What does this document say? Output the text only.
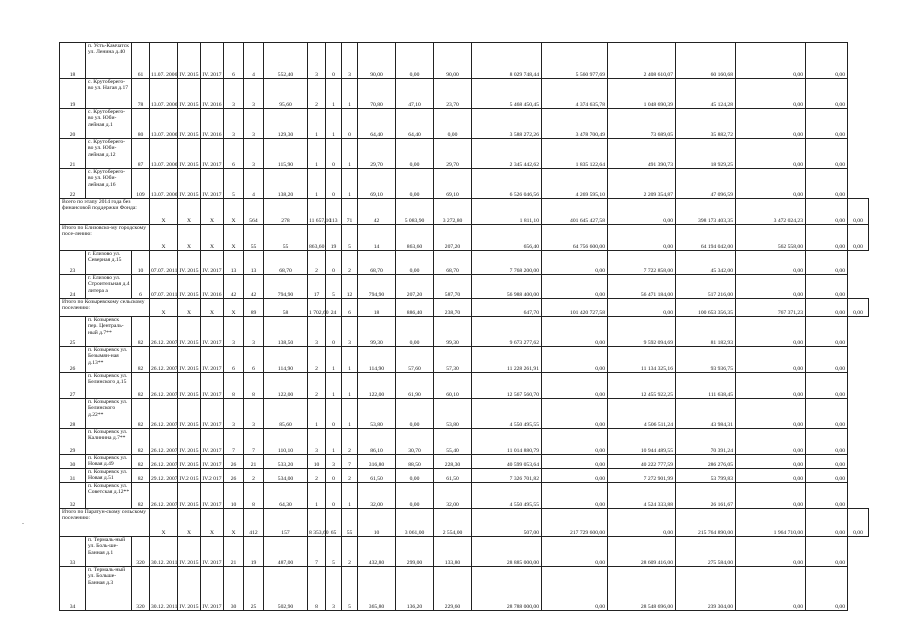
-
18	п. Усть-Камчатск ул. Ленина д.40	61	11.07. 2006	IV. 2015	IV. 2017	6	4	552,40	3	0	3	90,00	0,00	90,00	8 029 748,44	5 560 977,69	2 408 610,07	60 160,68	0,00	0,00	
19	с. Крутоберего-во ул. Нагая д.17	78	13.07. 2006	IV. 2015	IV. 2016	3	3	95,60	2	1	1	70,80	47,10	23,70	5 468 450,45	4 374 635,78	1 048 690,39	45 124,28	0,00	0,00	
20	с. Крутоберего-во ул. Юби-лейная д.1	80	13.07. 2006	IV. 2015	IV. 2016	3	3	129,30	1	1	0	64,40	64,40	0,00	3 588 272,26	3 478 700,49	73 689,05	35 882,72	0,00	0,00	
21	с. Крутоберего-во ул. Юби-лейная д.12	87	13.07. 2006	IV. 2015	IV. 2017	6	3	115,90	1	0	1	29,70	0,00	29,70	2 345 442,62	1 835 122,64	491 390,73	18 929,25	0,00	0,00	
22	с. Крутоберего-во ул. Юби-лейная д.16	109	13.07. 2006	IV. 2015	IV. 2017	5	4	138,20	1	0	1	69,10	0,00	69,10	6 526 046,56	4 269 595,10	2 209 354,87	47 096,59	0,00	0,00	
Всего по этапу 2014 года без финансовой поддержки Фонда:			X	X	X	X	564	278	11 657,10	113	71	42	5 083,90	3 272,80	1 811,10	401 645 427,58	0,00	398 173 403,35	3 472 024,23	0,00	0,00
Итого по Елизовско-му городскому посе-лению:			X	X	X	X	55	55	863,60	19	5	14	863,60	207,20	656,40	64 756 600,00	0,00	64 194 042,00	562 558,00	0,00	0,00
23	г. Елизово ул. Северная д.15	10	07.07. 2011	IV. 2015	IV. 2017	13	13	68,70	2	0	2	68,70	0,00	68,70	7 768 200,00	0,00	7 722 858,00	45 342,00	0,00	0,00	
24	г. Елизово ул. Строительная д.4 литера а	6	07.07. 2011	IV. 2015	IV. 2016	42	42	794,90	17	5	12	794,90	207,20	587,70	56 988 400,00	0,00	56 471 184,00	517 216,00	0,00	0,00	
Итого по Козыревскому сельскому поселению:			X	X	X	X	89	58	1 702,60	24	6	18	886,40	238,70	647,70	101 420 727,58	0,00	100 653 356,35	767 371,23	0,00	0,00
25	п. Козыревск пер. Централь-ный д.7**	82	26.12. 2007	IV. 2015	IV. 2017	3	3	138,50	3	0	3	99,30	0,00	99,30	9 673 277,62	0,00	9 592 094,69	81 182,93	0,00	0,00	
26	п. Козыревск ул. Безымян-ная д.13**	82	26.12. 2007	IV. 2015	IV. 2017	6	6	114,90	2	1	1	114,90	57,60	57,30	11 228 261,91	0,00	11 134 325,16	93 936,75	0,00	0,00	
27	п. Козыревск ул. Белинского д.15	82	26.12. 2007	IV. 2015	IV. 2017	8	8	122,00	2	1	1	122,00	61,90	60,10	12 567 560,70	0,00	12 455 922,25	111 638,45	0,00	0,00	
28	п. Козыревск ул. Белинского д.22**	82	26.12. 2007	IV. 2015	IV. 2017	3	3	85,60	1	0	1	53,80	0,00	53,80	4 550 495,55	0,00	4 506 511,24	43 984,31	0,00	0,00	
29	п. Козыревск ул. Калинина д.7**	82	26.12. 2007	IV. 2015	IV. 2017	7	7	110,10	3	1	2	86,10	30,70	55,40	11 014 880,79	0,00	10 944 489,55	70 391,24	0,00	0,00	
30	п. Козыревск ул. Новая д.49	82	26.12. 2007	IV. 2015	IV. 2017	26	21	533,20	10	3	7	316,80	88,50	228,30	40 599 053,64	0,00	40 222 777,59	286 276,05	0,00	0,00	
31	п. Козыревск ул. Новая д.51	82	29.12. 2007	IV.2 015	IV.2 017	26	2	534,00	2	0	2	61,50	0,00	61,50	7 326 701,82	0,00	7 272 901,99	53 799,83	0,00	0,00	
32	п. Козыревск ул. Советская д.12**	82	26.12. 2007	IV. 2015	IV. 2017	10	8	64,30	1	0	1	32,00	0,00	32,00	4 550 495,55	0,00	4 524 333,88	26 161,67	0,00	0,00	
Итого по Паратун-скому сельскому поселению:			X	X	X	X	412	157	8 353,60	65	55	10	3 061,00	2 554,00	507,00	217 729 600,00	0,00	215 764 890,00	1 964 710,00	0,00	0,00
33	п. Термаль-ный ул. Боль-ше-Банная д.1	320	30.12. 2011	IV. 2015	IV. 2017	21	19	487,00	7	5	2	432,80	299,00	133,80	28 885 000,00	0,00	28 609 416,00	275 584,00	0,00	0,00	
34	п. Термаль-ный ул. Больше-Банная д.3	320	30.12. 2011	IV. 2015	IV. 2017	30	25	502,90	8	3	5	365,80	136,20	229,60	28 788 000,00	0,00	28 548 696,00	239 304,00	0,00	0,00	
